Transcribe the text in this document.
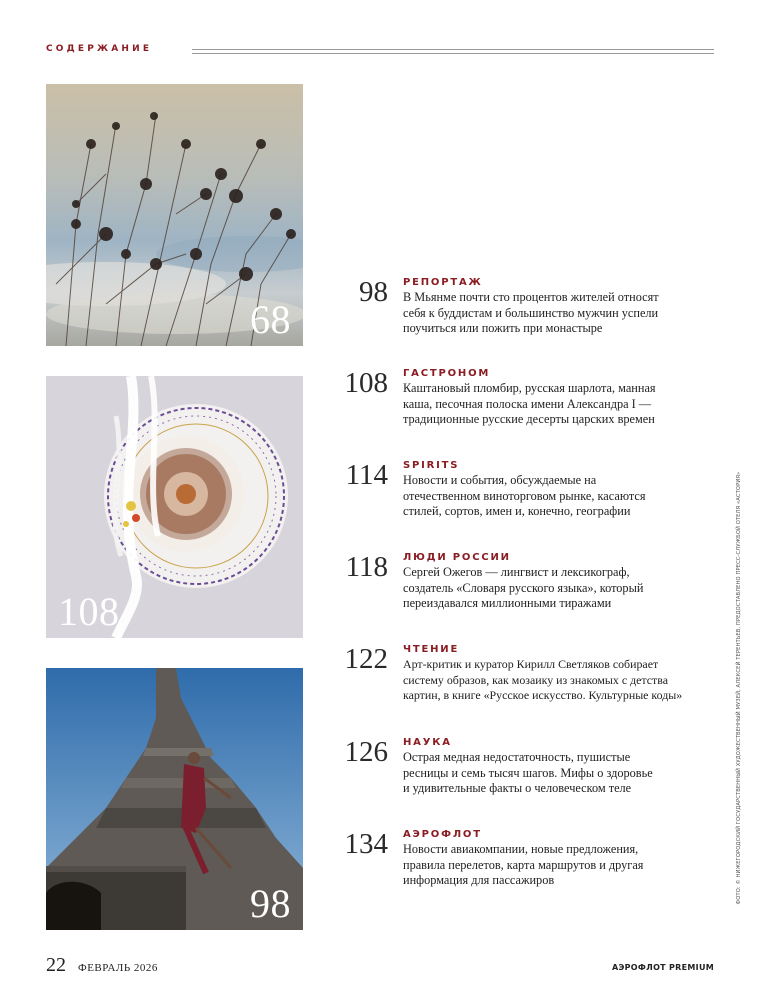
СОДЕРЖАНИЕ
68
108
98
98 РЕПОРТАЖ
В Мьянме почти сто процентов жителей относят
себя к буддистам и большинство мужчин успели
поучиться или пожить при монастыре
108 ГАСТРОНОМ
Каштановый пломбир, русская шарлота, манная
каша, песочная полоска имени Александра I —
традиционные русские десерты царских времен
114 SPIRITS
Новости и события, обсуждаемые на
отечественном виноторговом рынке, касаются
стилей, сортов, имен и, конечно, географии
118 ЛЮДИ РОССИИ
Сергей Ожегов — лингвист и лексикограф,
создатель «Словаря русского языка», который
переиздавался миллионными тиражами
122 ЧТЕНИЕ
Арт-критик и куратор Кирилл Светляков собирает
систему образов, как мозаику из знакомых с детства
картин, в книге «Русское искусство. Культурные коды»
126 НАУКА
Острая медная недостаточность, пушистые
ресницы и семь тысяч шагов. Мифы о здоровье
и удивительные факты о человеческом теле
134 АЭРОФЛОТ
Новости авиакомпании, новые предложения,
правила перелетов, карта маршрутов и другая
информация для пассажиров	ФОТО: © НИЖЕГОРОДСКИЙ ГОСУДАРСТВЕННЫЙ ХУДОЖЕСТВЕННЫЙ МУЗЕЙ, АЛЕКСЕЙ ТЕРЕНТЬЕВ, ПРЕДОСТАВЛЕНО ПРЕСС-СЛУЖБОЙ ОТЕЛЯ «АСТОРИЯ»
22 ФЕВРАЛЬ 2026	АЭРОФЛОТ PREMIUM
